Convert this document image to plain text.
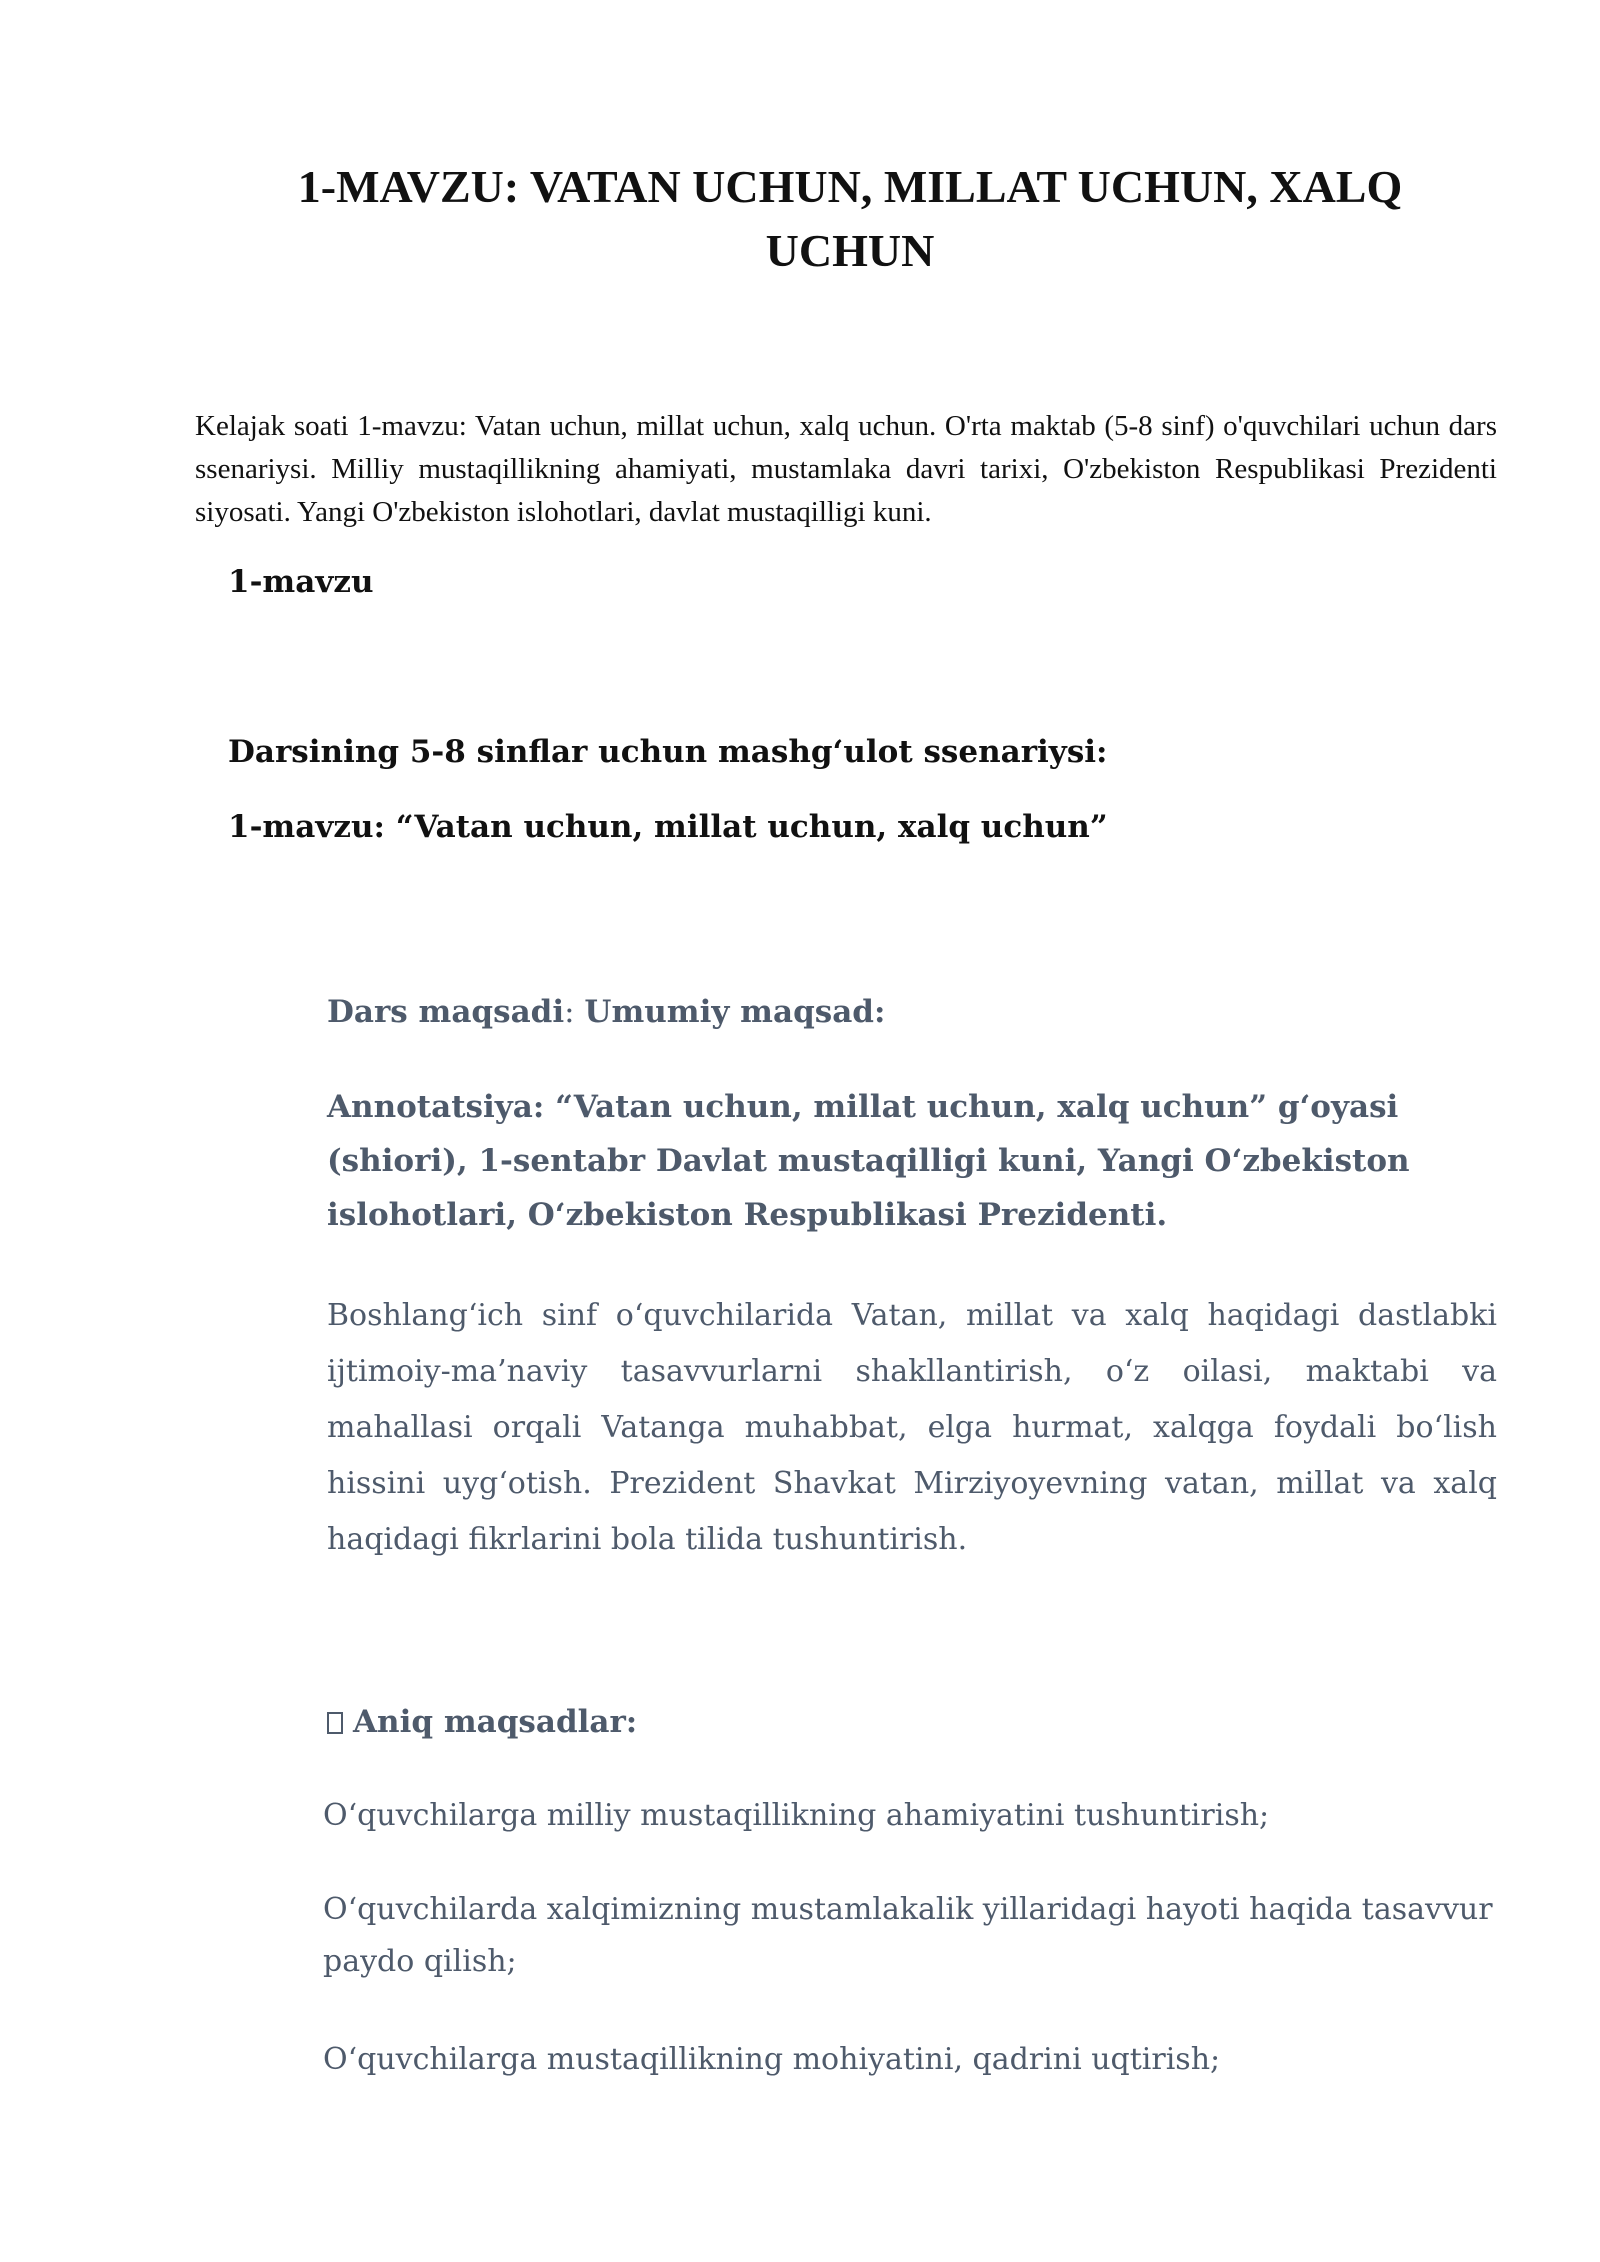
1-MAVZU: VATAN UCHUN, MILLAT UCHUN, XALQ
UCHUN

Kelajak soati 1-mavzu: Vatan uchun, millat uchun, xalq uchun. O'rta maktab (5-8 sinf) o'quvchilari uchun dars ssenariysi. Milliy mustaqillikning ahamiyati, mustamlaka davri tarixi, O'zbekiston Respublikasi Prezidenti siyosati. Yangi O'zbekiston islohotlari, davlat mustaqilligi kuni.

1-mavzu

Darsining 5-8 sinflar uchun mashg‘ulot ssenariysi:

1-mavzu: “Vatan uchun, millat uchun, xalq uchun”

Dars maqsadi: Umumiy maqsad:

Annotatsiya: “Vatan uchun, millat uchun, xalq uchun” g‘oyasi (shiori), 1-sentabr Davlat mustaqilligi kuni, Yangi O‘zbekiston islohotlari, O‘zbekiston Respublikasi Prezidenti.

Boshlang‘ich sinf o‘quvchilarida Vatan, millat va xalq haqidagi dastlabki ijtimoiy-ma’naviy tasavvurlarni shakllantirish, o‘z oilasi, maktabi va mahallasi orqali Vatanga muhabbat, elga hurmat, xalqga foydali bo‘lish hissini uyg‘otish. Prezident Shavkat Mirziyoyevning vatan, millat va xalq haqidagi fikrlarini bola tilida tushuntirish.

Aniq maqsadlar:

O‘quvchilarga milliy mustaqillikning ahamiyatini tushuntirish;
O‘quvchilarda xalqimizning mustamlakalik yillaridagi hayoti haqida tasavvur paydo qilish;
O‘quvchilarga mustaqillikning mohiyatini, qadrini uqtirish;
